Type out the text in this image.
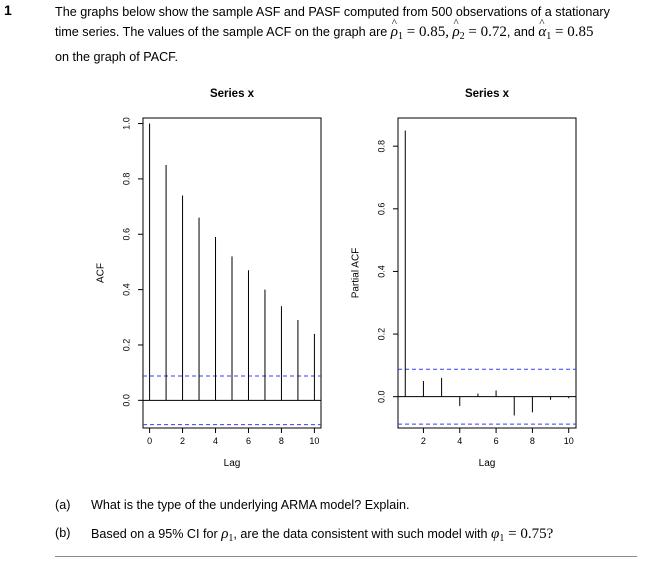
1	The graphs below show the sample ASF and PASF computed from 500 observations of a stationary
time series. The values of the sample ACF on the graph are ^ $\rho_1 = 0.85$, ^ $\rho_2 = 0.72$, and ^ $\alpha_1 = 0.85$
on the graph of PACF.
Series x
0	2	4	6	8	10
0.0
0.2
0.4
0.6
0.8
1.0
Lag
ACF
Series x
2	4	6	8	10
0.0
0.2
0.4
0.6
0.8
Lag
Partial ACF
(a) What is the type of the underlying ARMA model? Explain.
(b) Based on a 95% CI for $\rho_1$, are the data consistent with such model with $\varphi_1 = 0.75$?
